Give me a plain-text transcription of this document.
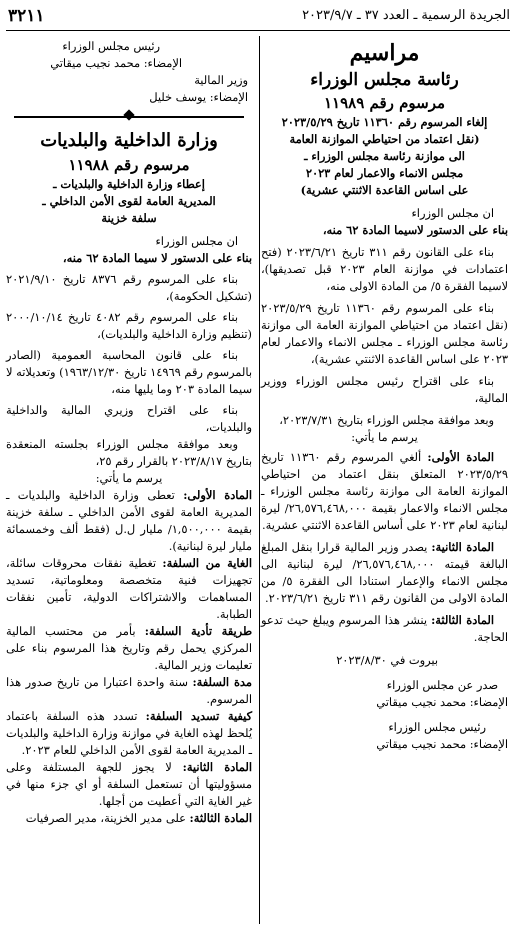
الجريدة الرسمية ـ العدد ٣٧ ـ ٢٠٢٣/٩/٧
٣٢١١

مراسيم

رئاسة مجلس الوزراء

مرسوم رقم ١١٩٨٩

إلغاء المرسوم رقم ١١٣٦٠ تاريخ ٢٠٢٣/٥/٢٩

(نقل اعتماد من احتياطي الموازنة العامة

الى موازنة رئاسة مجلس الوزراء ـ

مجلس الانماء والاعمار لعام ٢٠٢٣

على اساس القاعدة الاثنتي عشرية)

ان مجلس الوزراء

بناء على الدستور لاسيما المادة ٦٢ منه،

بناء على القانون رقم ٣١١ تاريخ ٢٠٢٣/٦/٢١ (فتح اعتمادات في موازنة العام ٢٠٢٣ قبل تصديقها)، لاسيما الفقرة ٥/ من المادة الاولى منه،

بناء على المرسوم رقم ١١٣٦٠ تاريخ ٢٠٢٣/٥/٢٩ (نقل اعتماد من احتياطي الموازنة العامة الى موازنة رئاسة مجلس الوزراء ـ مجلس الانماء والاعمار لعام ٢٠٢٣ على اساس القاعدة الاثنتي عشرية)،

بناء على اقتراح رئيس مجلس الوزراء ووزير المالية،

وبعد موافقة مجلس الوزراء بتاريخ ٢٠٢٣/٧/٣١،

يرسم ما يأتي:

المادة الأولى: ألغي المرسوم رقم ١١٣٦٠ تاريخ ٢٠٢٣/٥/٢٩ المتعلق بنقل اعتماد من احتياطي الموازنة العامة الى موازنة رئاسة مجلس الوزراء ـ مجلس الانماء والاعمار بقيمة ٢٦,٥٧٦,٤٦٨,٠٠٠/ ليرة لبنانية لعام ٢٠٢٣ على أساس القاعدة الاثنتي عشرية.

المادة الثانية: يصدر وزير المالية قرارا بنقل المبلغ البالغة قيمته ٢٦,٥٧٦,٤٦٨,٠٠٠/ ليرة لبنانية الى مجلس الانماء والإعمار استنادا الى الفقرة ٥/ من المادة الاولى من القانون رقم ٣١١ تاريخ ٢٠٢٣/٦/٢١.

المادة الثالثة: ينشر هذا المرسوم ويبلغ حيث تدعو الحاجة.

بيروت في ٢٠٢٣/٨/٣٠

صدر عن مجلس الوزراء

الإمضاء: محمد نجيب ميقاتي

رئيس مجلس الوزراء

الإمضاء: محمد نجيب ميقاتي

رئيس مجلس الوزراء

الإمضاء: محمد نجيب ميقاتي

وزير المالية

الإمضاء: يوسف خليل

وزارة الداخلية والبلديات

مرسوم رقم ١١٩٨٨

إعطاء وزارة الداخلية والبلديات ـ

المديرية العامة لقوى الأمن الداخلي ـ

سلفة خزينة

ان مجلس الوزراء

بناء على الدستور لا سيما المادة ٦٢ منه،

بناء على المرسوم رقم ٨٣٧٦ تاريخ ٢٠٢١/٩/١٠ (تشكيل الحكومة)،

بناء على المرسوم رقم ٤٠٨٢ تاريخ ٢٠٠٠/١٠/١٤ (تنظيم وزارة الداخلية والبلديات)،

بناء على قانون المحاسبة العمومية (الصادر بالمرسوم رقم ١٤٩٦٩ تاريخ ١٩٦٣/١٢/٣٠) وتعديلاته لا سيما المادة ٢٠٣ وما يليها منه،

بناء على اقتراح وزيري المالية والداخلية والبلديات،

وبعد موافقة مجلس الوزراء بجلسته المنعقدة بتاريخ ٢٠٢٣/٨/١٧ بالقرار رقم ٢٥،

يرسم ما يأتي:

المادة الأولى: تعطى وزارة الداخلية والبلديات ـ المديرية العامة لقوى الأمن الداخلي ـ سلفة خزينة بقيمة ١,٥٠٠,٠٠٠/ مليار ل.ل (فقط ألف وخمسمائة مليار ليرة لبنانية).

الغاية من السلفة: تغطية نفقات محروقات سائلة، تجهيزات فنية متخصصة ومعلوماتية، تسديد المساهمات والاشتراكات الدولية، تأمين نفقات الطبابة.

طريقة تأدية السلفة: بأمر من محتسب المالية المركزي يحمل رقم وتاريخ هذا المرسوم بناء على تعليمات وزير المالية.

مدة السلفة: سنة واحدة اعتبارا من تاريخ صدور هذا المرسوم.

كيفية تسديد السلفة: تسدد هذه السلفة باعتماد يُلحظ لهذه الغاية في موازنة وزارة الداخلية والبلديات ـ المديرية العامة لقوى الأمن الداخلي للعام ٢٠٢٣.

المادة الثانية: لا يجوز للجهة المستلفة وعلى مسؤوليتها أن تستعمل السلفة أو اي جزء منها في غير الغاية التي أعطيت من أجلها.

المادة الثالثة: على مدير الخزينة، مدير الصرفيات
